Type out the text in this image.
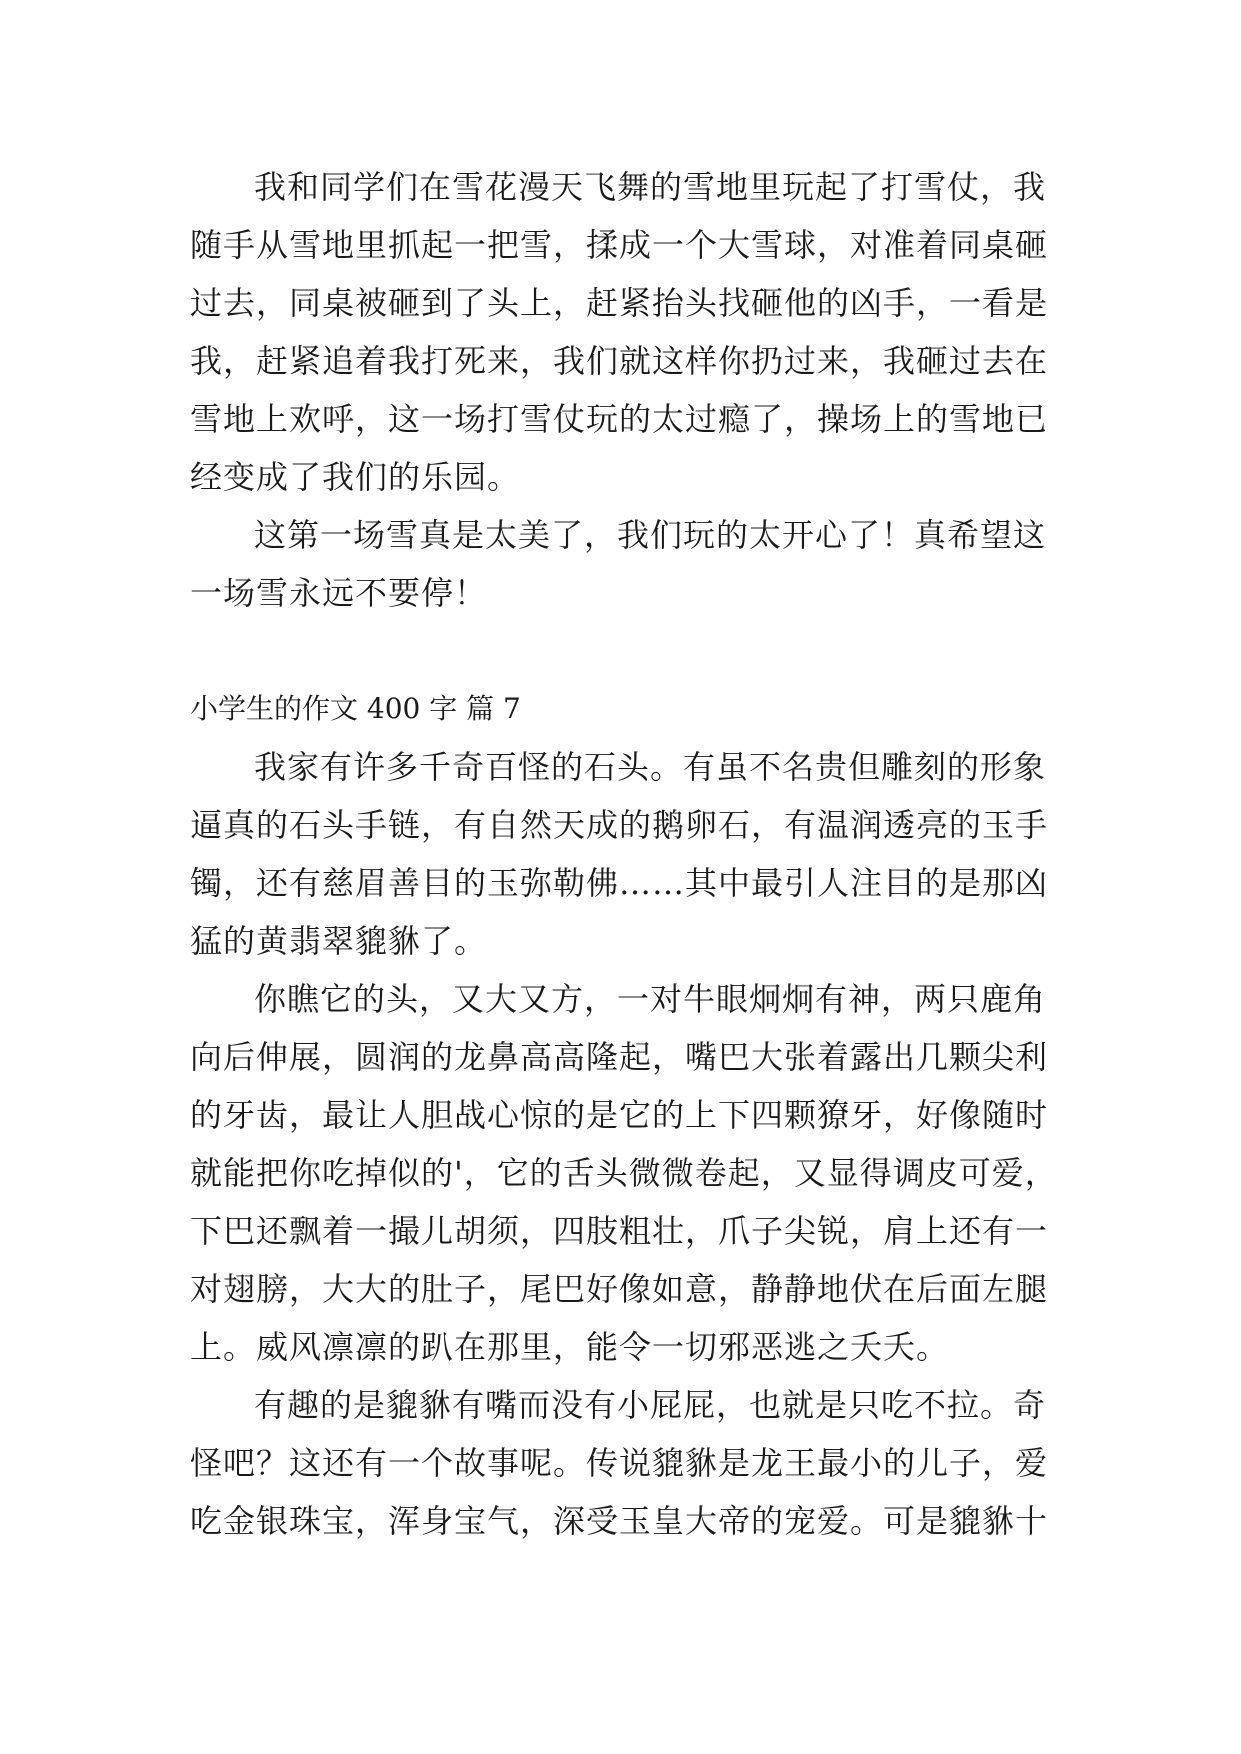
我和同学们在雪花漫天飞舞的雪地里玩起了打雪仗，我
随手从雪地里抓起一把雪，揉成一个大雪球，对准着同桌砸
过去，同桌被砸到了头上，赶紧抬头找砸他的凶手，一看是
我，赶紧追着我打死来，我们就这样你扔过来，我砸过去在
雪地上欢呼，这一场打雪仗玩的太过瘾了，操场上的雪地已
经变成了我们的乐园。
这第一场雪真是太美了，我们玩的太开心了！真希望这
一场雪永远不要停！
小学生的作文 400 字 篇 7
我家有许多千奇百怪的石头。有虽不名贵但雕刻的形象
逼真的石头手链，有自然天成的鹅卵石，有温润透亮的玉手
镯，还有慈眉善目的玉弥勒佛……其中最引人注目的是那凶
猛的黄翡翠貔貅了。
你瞧它的头，又大又方，一对牛眼炯炯有神，两只鹿角
向后伸展，圆润的龙鼻高高隆起，嘴巴大张着露出几颗尖利
的牙齿，最让人胆战心惊的是它的上下四颗獠牙，好像随时
就能把你吃掉似的'，它的舌头微微卷起，又显得调皮可爱，
下巴还飘着一撮儿胡须，四肢粗壮，爪子尖锐，肩上还有一
对翅膀，大大的肚子，尾巴好像如意，静静地伏在后面左腿
上。威风凛凛的趴在那里，能令一切邪恶逃之夭夭。
有趣的是貔貅有嘴而没有小屁屁，也就是只吃不拉。奇
怪吧？这还有一个故事呢。传说貔貅是龙王最小的儿子，爱
吃金银珠宝，浑身宝气，深受玉皇大帝的宠爱。可是貔貅十
